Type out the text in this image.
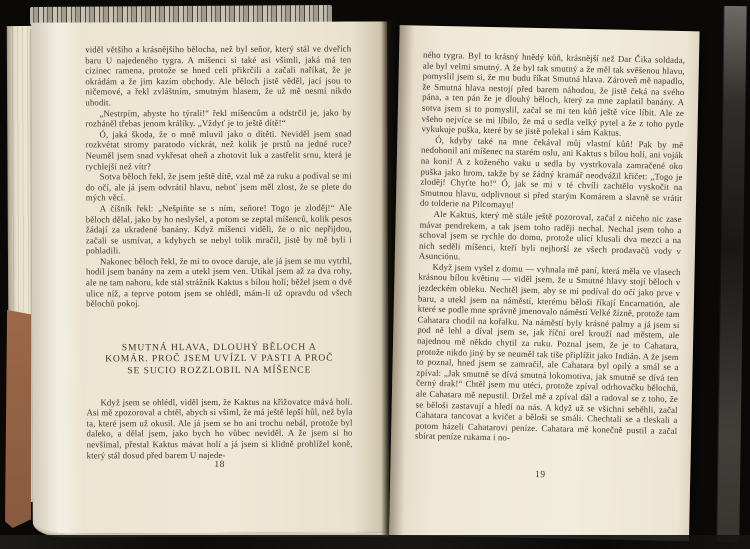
viděl většího a krásnějšího bělocha, než byl seňor, který stál ve dveřích baru U najedeného tygra. A míšenci si také asi všimli, jaká má ten cizinec ramena, protože se hned celí přikrčili a začali naříkat, že je okrádám a že jim kazím obchody. Ale běloch jistě věděl, jací jsou to ničemové, a řekl zvláštním, smutným hlasem, že už mě nesmí nikdo uhodit.

„Nestrpím, abyste ho týrali!“ řekl míšencům a odstrčil je, jako by rozháněl třebas jenom králíky. „Vždyť je to ještě dítě!“

Ó, jaká škoda, že o mně mluvil jako o dítěti. Neviděl jsem snad rozkvétat stromy paratodo víckrát, než kolik je prstů na jedné ruce? Neuměl jsem snad vykřesat oheň a zhotovit luk a zastřelit srnu, která je rychlejší než vítr?

Sotva běloch řekl, že jsem ještě dítě, vzal mě za ruku a podíval se mi do očí, ale já jsem odvrátil hlavu, neboť jsem měl zlost, že se plete do mých věcí.

A číšník řekl: „Nešpiňte se s ním, seňore! Togo je zloděj!“ Ale běloch dělal, jako by ho neslyšel, a potom se zeptal míšenců, kolik pesos žádají za ukradené banány. Když míšenci viděli, že o nic nepřijdou, začali se usmívat, a kdybych se nebyl tolik mračil, jistě by mě byli i pohladili.

Nakonec běloch řekl, že mi to ovoce daruje, ale já jsem se mu vytrhl, hodil jsem banány na zem a utekl jsem ven. Utíkal jsem až za dva rohy, ale ne tam nahoru, kde stál strážník Kaktus s bílou holí; běžel jsem o dvě ulice níž, a teprve potom jsem se ohlédl, mám-li už opravdu od všech bělochů pokoj.

SMUTNÁ HLAVA, DLOUHÝ BĚLOCH A
KOMÁR. PROČ JSEM UVÍZL V PASTI A PROČ
SE SUCIO ROZZLOBIL NA MÍŠENCE

Když jsem se ohlédl, viděl jsem, že Kaktus na křižovatce mává holí. Asi mě zpozoroval a chtěl, abych si všiml, že má ještě lepší hůl, než byla ta, které jsem už okusil. Ale já jsem se ho ani trochu nebál, protože byl daleko, a dělal jsem, jako bych ho vůbec neviděl. A že jsem si ho nevšímal, přestal Kaktus mávat holí a já jsem si klidně prohlížel koně, který stál dosud před barem U najede-

18

ného tygra. Byl to krásný hnědý kůň, krásnější než Dar Čika soldada, ale byl velmi smutný. A že byl tak smutný a že měl tak svěšenou hlavu, pomyslil jsem si, že mu budu říkat Smutná hlava. Zároveň mě napadlo, že Smutná hlava nestojí před barem náhodou, že jistě čeká na svého pána, a ten pán že je dlouhý běloch, který za mne zaplatil banány. A sotva jsem si to pomyslil, začal se mi ten kůň ještě více líbit. Ale ze všeho nejvíce se mi líbilo, že má u sedla velký pytel a že z toho pytle vykukuje puška, které by se jistě polekal i sám Kaktus.

Ó, kdyby také na mne čekával můj vlastní kůň! Pak by mě nedohonil ani míšenec na starém oslu, ani Kaktus s bílou holí, ani voják na koni! A z koženého vaku u sedla by vystrkovala zamračené oko puška jako hrom, takže by se žádný kramář neodvážil křičet: „Togo je zloděj! Chyťte ho!“ Ó, jak se mi v té chvíli zachtělo vyskočit na Smutnou hlavu, odplivnout si před starým Komárem a slavně se vrátit do tolderie na Pilcomayu!

Ale Kaktus, který mě stále ještě pozoroval, začal z ničeho nic zase mávat pendrekem, a tak jsem toho raději nechal. Nechal jsem toho a schoval jsem se rychle do domu, protože ulicí klusali dva mezci a na nich seděli míšenci, kteří byli nejhorší ze všech prodavačů vody v Asunciónu.

Když jsem vyšel z domu — vyhnala mě paní, která měla ve vlasech krásnou bílou květinu — viděl jsem, že u Smutné hlavy stojí běloch v jezdeckém obleku. Nechtěl jsem, aby se mi podíval do očí jako prve v baru, a utekl jsem na náměstí, kterému běloši říkají Encarnatión, ale které se podle mne správně jmenovalo náměstí Velké žízně, protože tam Cahatara chodil na kořalku. Na náměstí byly krásné palmy a já jsem si pod ně lehl a díval jsem se, jak říční orel krouží nad městem, ale najednou mě někdo chytil za ruku. Poznal jsem, že je to Cahatara, protože nikdo jiný by se neuměl tak tiše připlížit jako Indián. A že jsem to poznal, hned jsem se zamračil, ale Cahatara byl opilý a smál se a zpíval: „Jak smutně se dívá smutná lokomotiva, jak smutně se dívá ten černý drak!“ Chtěl jsem mu utéci, protože zpíval odrhovačku bělochů, ale Cahatara mě nepustil. Držel mě a zpíval dál a radoval se z toho, že se běloši zastavují a hledí na nás. A když už se všichni seběhli, začal Cahatara tancovat a kvičet a běloši se smáli. Chechtali se a tleskali a potom házeli Cahatarovi peníze. Cahatara mě konečně pustil a začal sbírat peníze rukama i no-

19
